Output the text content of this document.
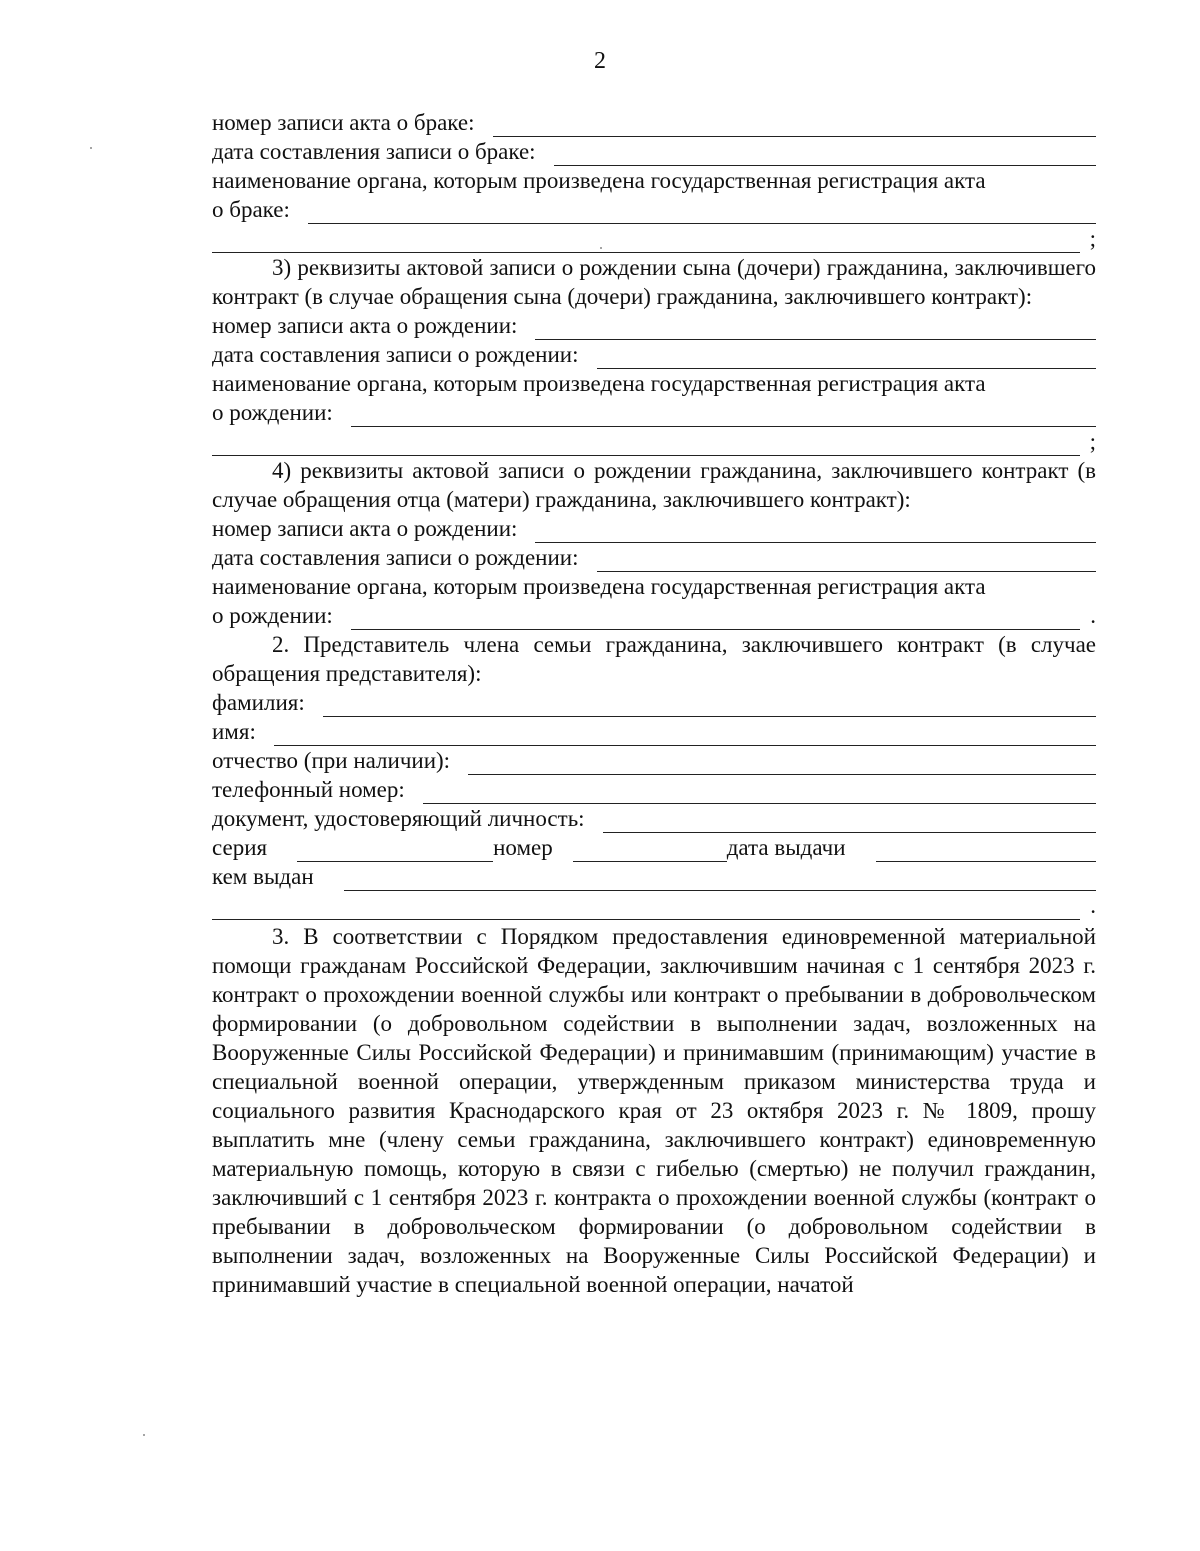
2
номер записи акта о браке:
дата составления записи о браке:
наименование органа, которым произведена государственная регистрация акта
о браке:
;
3) реквизиты актовой записи о рождении сына (дочери) гражданина, заключившего контракт (в случае обращения сына (дочери) гражданина, заключившего контракт):
номер записи акта о рождении:
дата составления записи о рождении:
наименование органа, которым произведена государственная регистрация акта
о рождении:
;
4) реквизиты актовой записи о рождении гражданина, заключившего контракт (в случае обращения отца (матери) гражданина, заключившего контракт):
номер записи акта о рождении:
дата составления записи о рождении:
наименование органа, которым произведена государственная регистрация акта
о рождении:	.
2. Представитель члена семьи гражданина, заключившего контракт (в случае обращения представителя):
фамилия:
имя:
отчество (при наличии):
телефонный номер:
документ, удостоверяющий личность:
серия	номер	дата выдачи
кем выдан
.
3. В соответствии с Порядком предоставления единовременной материальной помощи гражданам Российской Федерации, заключившим начиная с 1 сентября 2023 г. контракт о прохождении военной службы или контракт о пребывании в добровольческом формировании (о добровольном содействии в выполнении задач, возложенных на Вооруженные Силы Российской Федерации) и принимавшим (принимающим) участие в специальной военной операции, утвержденным приказом министерства труда и социального развития Краснодарского края от 23 октября 2023 г. № 1809, прошу выплатить мне (члену семьи гражданина, заключившего контракт) единовременную материальную помощь, которую в связи с гибелью (смертью) не получил гражданин, заключивший с 1 сентября 2023 г. контракта о прохождении военной службы (контракт о пребывании в добровольческом формировании (о добровольном содействии в выполнении задач, возложенных на Вооруженные Силы Российской Федерации) и принимавший участие в специальной военной операции, начатой
